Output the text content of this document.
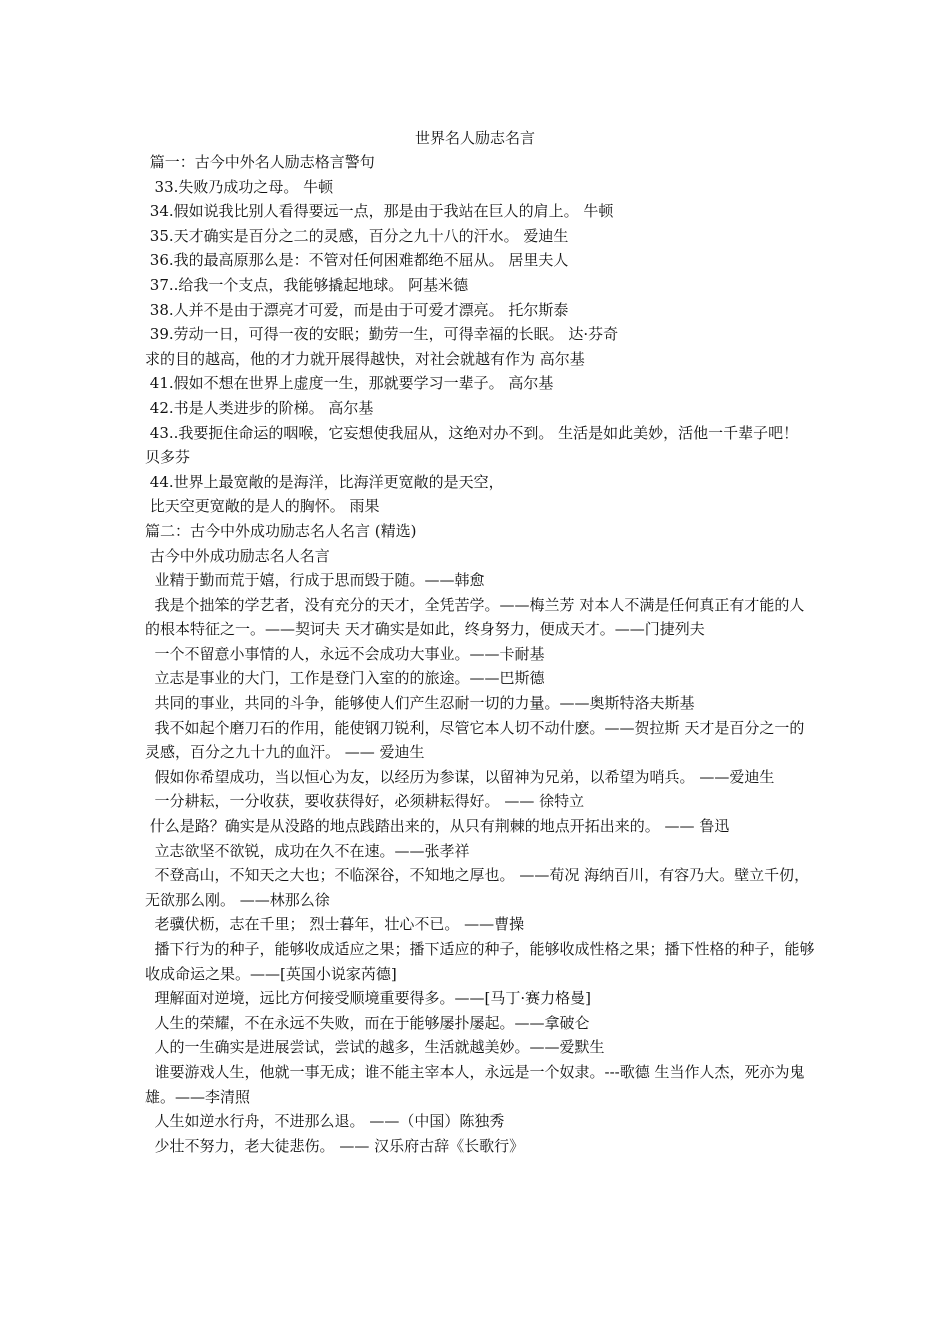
世界名人励志名言
篇一：古今中外名人励志格言警句
33.失败乃成功之母。 牛顿
34.假如说我比别人看得要远一点，那是由于我站在巨人的肩上。 牛顿
35.天才确实是百分之二的灵感，百分之九十八的汗水。 爱迪生
36.我的最高原那么是：不管对任何困难都绝不屈从。 居里夫人
37..给我一个支点，我能够撬起地球。 阿基米德
38.人并不是由于漂亮才可爱，而是由于可爱才漂亮。 托尔斯泰
39.劳动一日，可得一夜的安眠；勤劳一生，可得幸福的长眠。 达·芬奇
求的目的越高，他的才力就开展得越快，对社会就越有作为 高尔基
41.假如不想在世界上虚度一生，那就要学习一辈子。 高尔基
42.书是人类进步的阶梯。 高尔基
43..我要扼住命运的咽喉，它妄想使我屈从，这绝对办不到。 生活是如此美妙，活他一千辈子吧！ 贝多芬
44.世界上最宽敞的是海洋，比海洋更宽敞的是天空，
比天空更宽敞的是人的胸怀。 雨果
篇二：古今中外成功励志名人名言 (精选)
古今中外成功励志名人名言
业精于勤而荒于嬉，行成于思而毁于随。——韩愈
我是个拙笨的学艺者，没有充分的天才，全凭苦学。——梅兰芳 对本人不满是任何真正有才能的人的根本特征之一。——契诃夫 天才确实是如此，终身努力，便成天才。——门捷列夫
一个不留意小事情的人，永远不会成功大事业。——卡耐基
立志是事业的大门，工作是登门入室的的旅途。——巴斯德
共同的事业，共同的斗争，能够使人们产生忍耐一切的力量。——奥斯特洛夫斯基
我不如起个磨刀石的作用，能使钢刀锐利，尽管它本人切不动什麽。——贺拉斯 天才是百分之一的灵感，百分之九十九的血汗。 —— 爱迪生
假如你希望成功，当以恒心为友，以经历为参谋，以留神为兄弟，以希望为哨兵。 ——爱迪生
一分耕耘，一分收获，要收获得好，必须耕耘得好。 —— 徐特立
什么是路？确实是从没路的地点践踏出来的，从只有荆棘的地点开拓出来的。 —— 鲁迅
立志欲坚不欲锐，成功在久不在速。——张孝祥
不登高山，不知天之大也；不临深谷，不知地之厚也。 ——荀况 海纳百川，有容乃大。壁立千仞，无欲那么刚。 ——林那么徐
老骥伏枥，志在千里； 烈士暮年，壮心不已。 ——曹操
播下行为的种子，能够收成适应之果；播下适应的种子，能够收成性格之果；播下性格的种子，能够收成命运之果。——[英国小说家芮德]
理解面对逆境，远比方何接受顺境重要得多。——[马丁·赛力格曼]
人生的荣耀，不在永远不失败，而在于能够屡扑屡起。——拿破仑
人的一生确实是进展尝试，尝试的越多，生活就越美妙。——爱默生
谁要游戏人生，他就一事无成；谁不能主宰本人，永远是一个奴隶。---歌德 生当作人杰，死亦为鬼雄。——李清照
人生如逆水行舟，不进那么退。 ——（中国）陈独秀
少壮不努力，老大徒悲伤。 —— 汉乐府古辞《长歌行》
